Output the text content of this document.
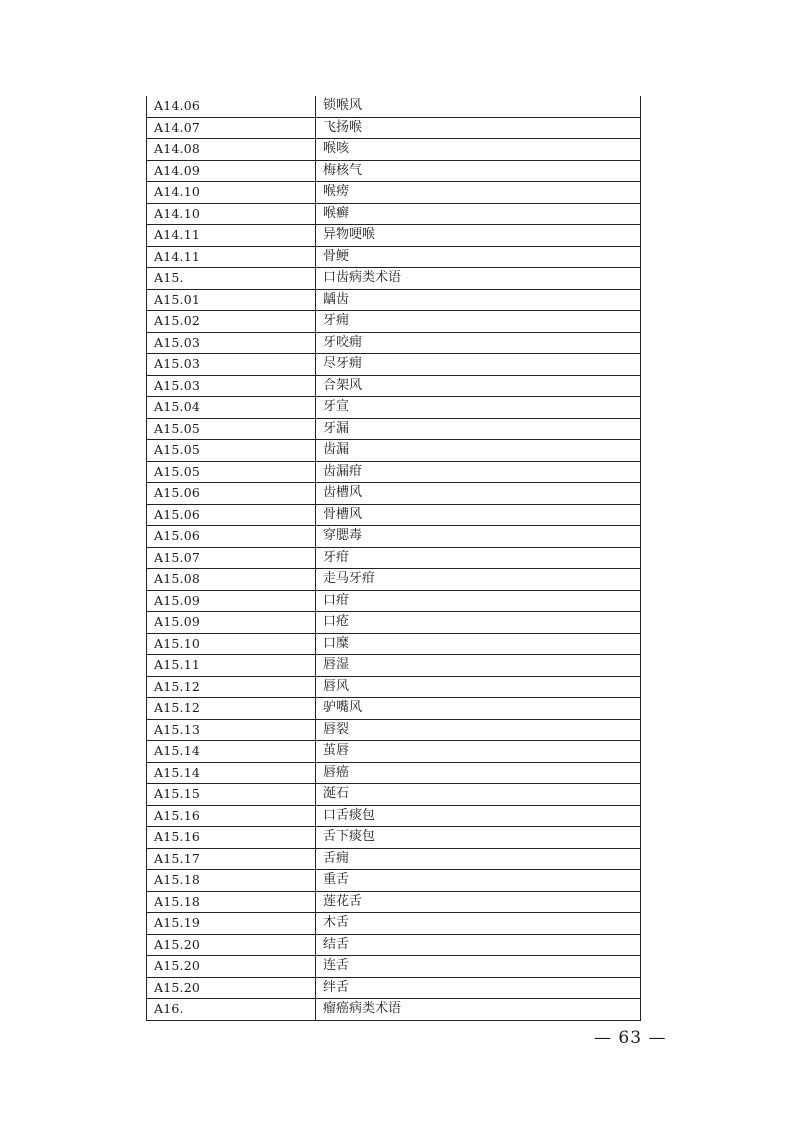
A14.06	锁喉风
A14.07	飞扬喉
A14.08	喉咳
A14.09	梅核气
A14.10	喉痨
A14.10	喉癣
A14.11	异物哽喉
A14.11	骨鲠
A15.	口齿病类术语
A15.01	龋齿
A15.02	牙痈
A15.03	牙咬痈
A15.03	尽牙痈
A15.03	合架风
A15.04	牙宣
A15.05	牙漏
A15.05	齿漏
A15.05	齿漏疳
A15.06	齿槽风
A15.06	骨槽风
A15.06	穿腮毒
A15.07	牙疳
A15.08	走马牙疳
A15.09	口疳
A15.09	口疮
A15.10	口糜
A15.11	唇湿
A15.12	唇风
A15.12	驴嘴风
A15.13	唇裂
A15.14	茧唇
A15.14	唇癌
A15.15	涎石
A15.16	口舌痰包
A15.16	舌下痰包
A15.17	舌痈
A15.18	重舌
A15.18	莲花舌
A15.19	木舌
A15.20	结舌
A15.20	连舌
A15.20	绊舌
A16.	瘤癌病类术语
— 63 —
